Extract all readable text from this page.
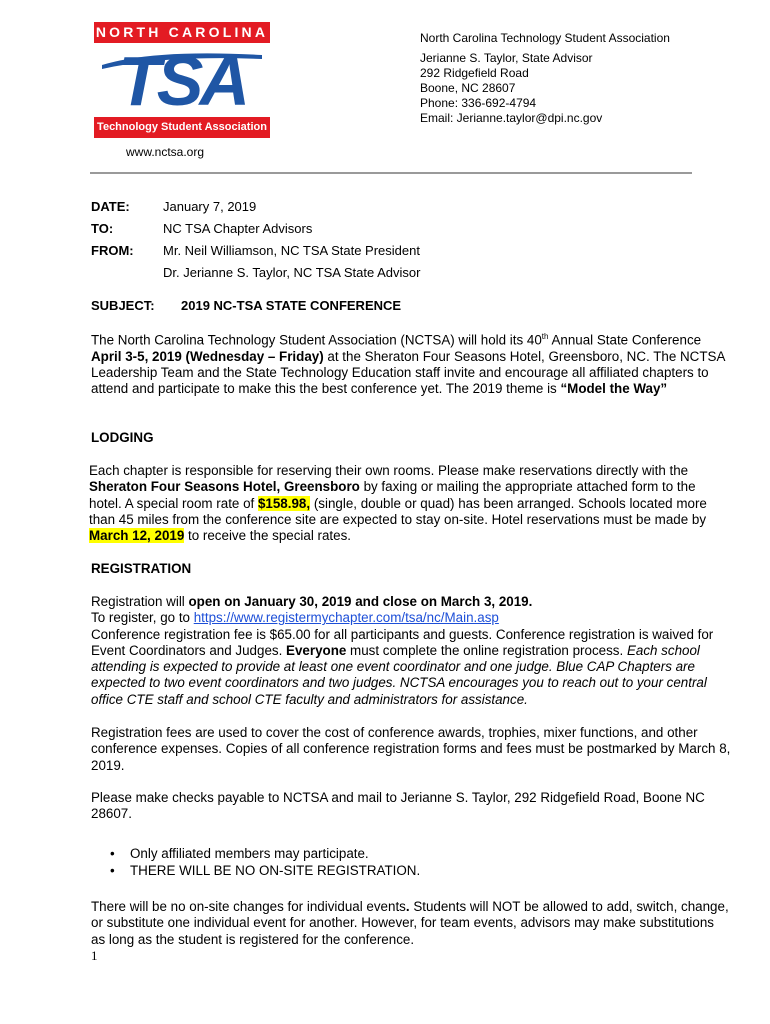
NORTH CAROLINA
TSA
Technology Student Association
www.nctsa.org
North Carolina Technology Student Association
Jerianne S. Taylor, State Advisor
292 Ridgefield Road
Boone, NC 28607
Phone: 336-692-4794
Email: Jerianne.taylor@dpi.nc.gov
DATE:	January 7, 2019
TO:	NC TSA Chapter Advisors
FROM: Mr. Neil Williamson, NC TSA State President
Dr. Jerianne S. Taylor, NC TSA State Advisor
SUBJECT: 2019 NC-TSA STATE CONFERENCE
The North Carolina Technology Student Association (NCTSA) will hold its 40th Annual State Conference April 3-5, 2019 (Wednesday – Friday) at the Sheraton Four Seasons Hotel, Greensboro, NC. The NCTSA Leadership Team and the State Technology Education staff invite and encourage all affiliated chapters to attend and participate to make this the best conference yet. The 2019 theme is “Model the Way”
LODGING
Each chapter is responsible for reserving their own rooms. Please make reservations directly with the Sheraton Four Seasons Hotel, Greensboro by faxing or mailing the appropriate attached form to the hotel. A special room rate of $158.98, (single, double or quad) has been arranged. Schools located more than 45 miles from the conference site are expected to stay on-site. Hotel reservations must be made by March 12, 2019 to receive the special rates.
REGISTRATION
Registration will open on January 30, 2019 and close on March 3, 2019.
To register, go to https://www.registermychapter.com/tsa/nc/Main.asp
Conference registration fee is $65.00 for all participants and guests. Conference registration is waived for Event Coordinators and Judges. Everyone must complete the online registration process. Each school attending is expected to provide at least one event coordinator and one judge. Blue CAP Chapters are expected to two event coordinators and two judges. NCTSA encourages you to reach out to your central office CTE staff and school CTE faculty and administrators for assistance.
Registration fees are used to cover the cost of conference awards, trophies, mixer functions, and other conference expenses. Copies of all conference registration forms and fees must be postmarked by March 8, 2019.
Please make checks payable to NCTSA and mail to Jerianne S. Taylor, 292 Ridgefield Road, Boone NC 28607.
•	Only affiliated members may participate.
•	THERE WILL BE NO ON-SITE REGISTRATION.
There will be no on-site changes for individual events. Students will NOT be allowed to add, switch, change, or substitute one individual event for another. However, for team events, advisors may make substitutions as long as the student is registered for the conference.
1
